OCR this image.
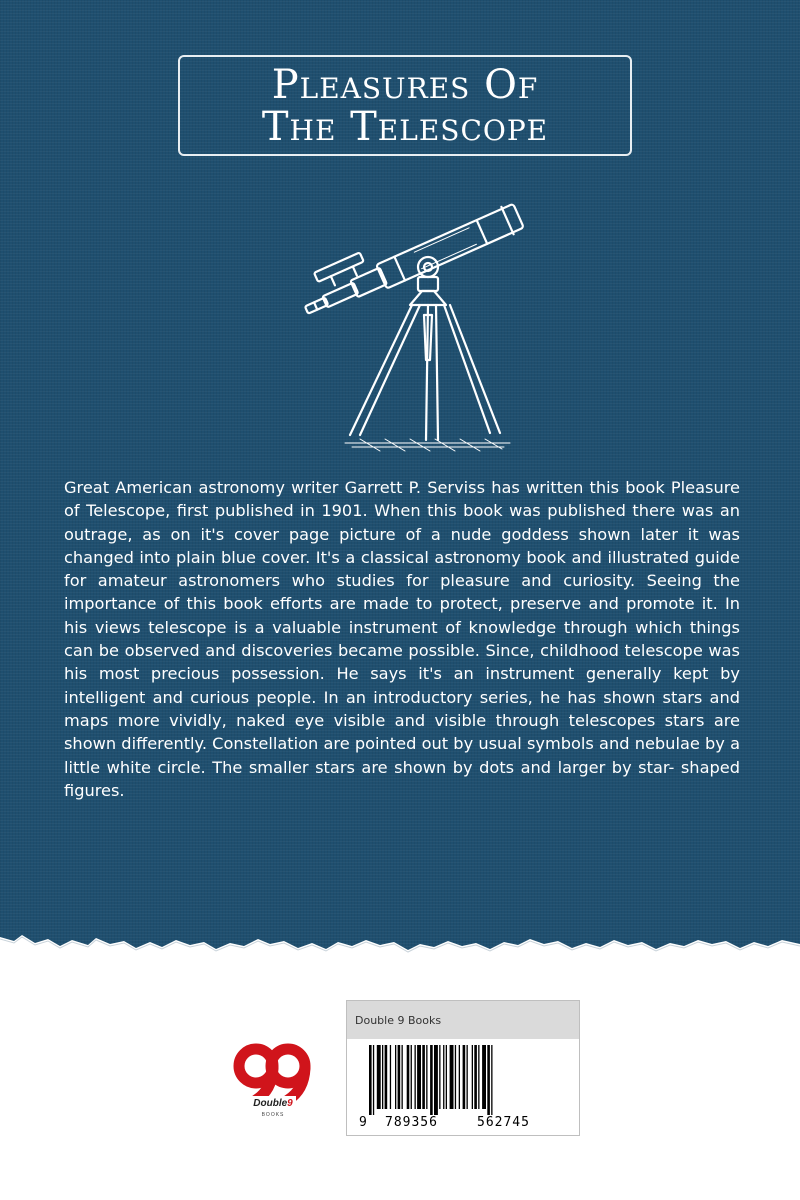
Pleasures Of
The Telescope
Great American astronomy writer Garrett P. Serviss has written this book Pleasure of Telescope, first published in 1901. When this book was published there was an outrage, as on it's cover page picture of a nude goddess shown later it was changed into plain blue cover. It's a classical astronomy book and illustrated guide for amateur astronomers who studies for pleasure and curiosity. Seeing the importance of this book efforts are made to protect, preserve and promote it. In his views telescope is a valuable instrument of knowledge through which things can be observed and discoveries became possible. Since, childhood telescope was his most precious possession. He says it's an instrument generally kept by intelligent and curious people. In an introductory series, he has shown stars and maps more vividly, naked eye visible and visible through telescopes stars are shown differently. Constellation are pointed out by usual symbols and nebulae by a little white circle. The smaller stars are shown by dots and larger by star- shaped figures.
Double9
BOOKS
Double 9 Books
9 789356	562745
